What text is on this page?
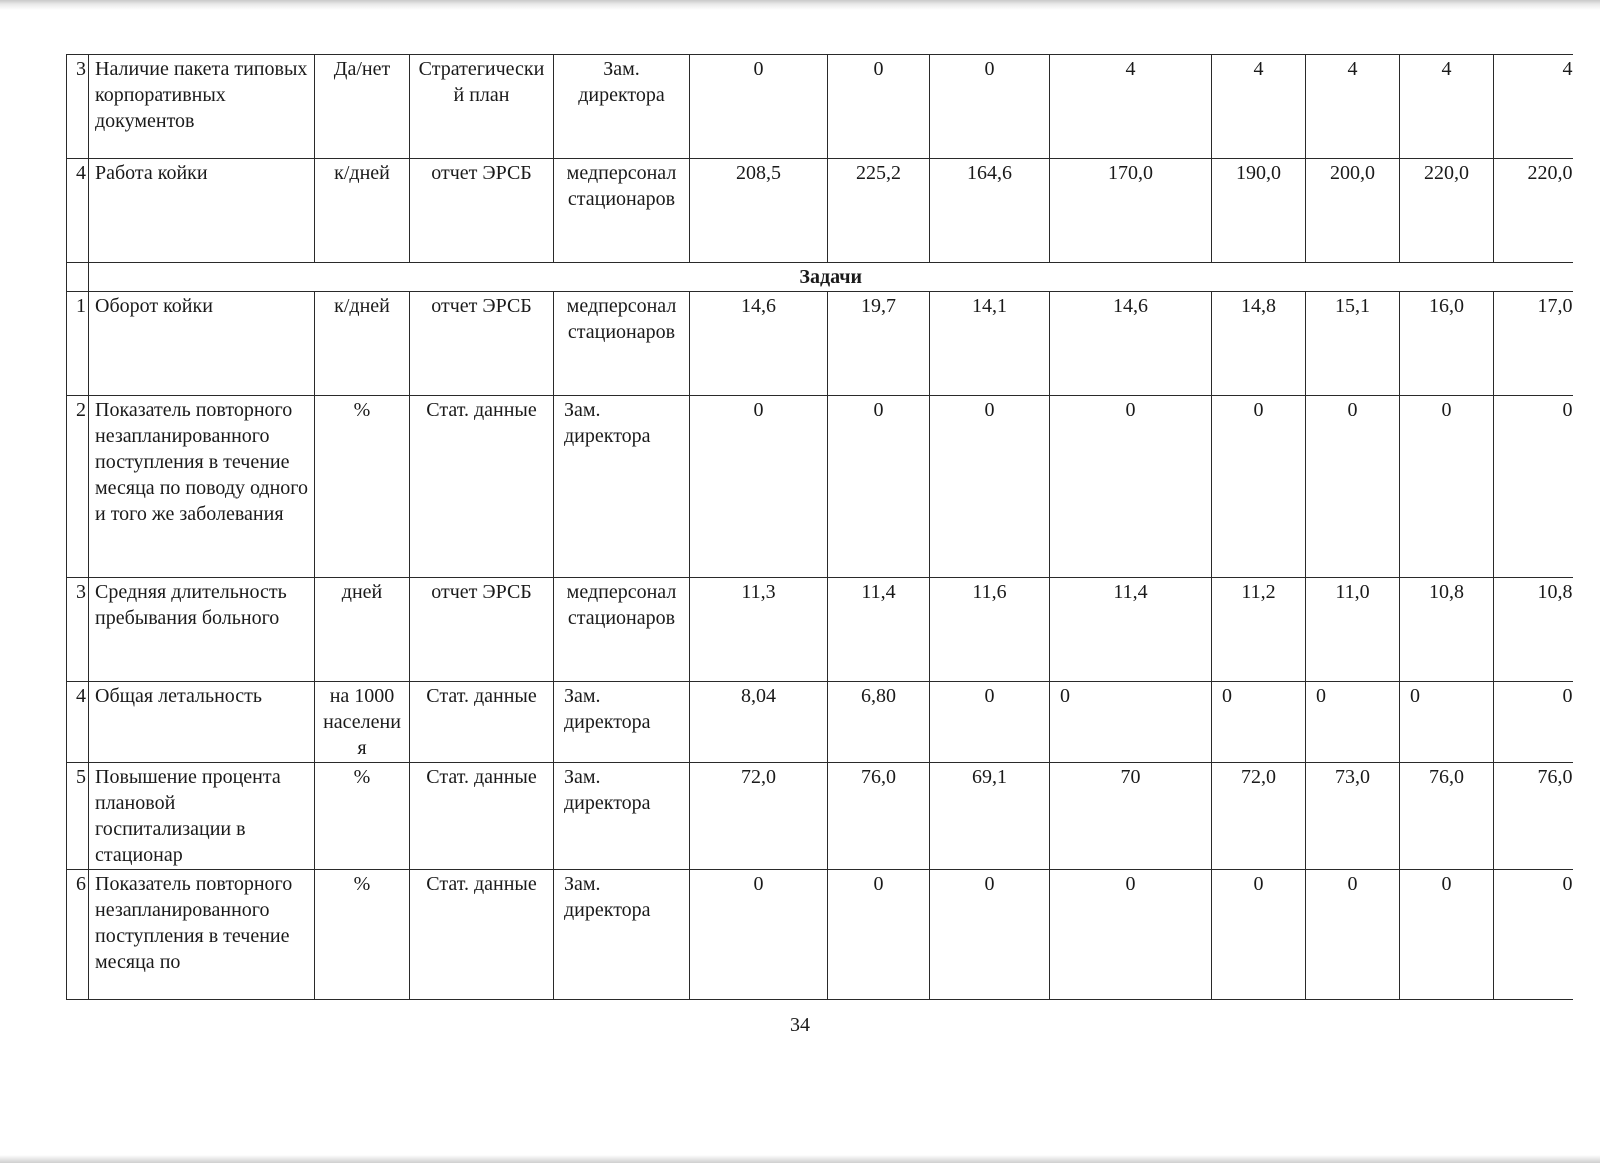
3	Наличие пакета типовых корпоративных документов	Да/нет	Стратегический план	Зам. директора	0	0	0	4	4	4	4	4
4	Работа койки	к/дней	отчет ЭРСБ	медперсонал стационаров	208,5	225,2	164,6	170,0	190,0	200,0	220,0	220,0
	Задачи											
1	Оборот койки	к/дней	отчет ЭРСБ	медперсонал стационаров	14,6	19,7	14,1	14,6	14,8	15,1	16,0	17,0
2	Показатель повторного незапланированного поступления в течение месяца по поводу одного и того же заболевания	%	Стат. данные	Зам. директора	0	0	0	0	0	0	0	0
3	Средняя длительность пребывания больного	дней	отчет ЭРСБ	медперсонал стационаров	11,3	11,4	11,6	11,4	11,2	11,0	10,8	10,8
4	Общая летальность	на 1000 населения	Стат. данные	Зам. директора	8,04	6,80	0	0	0	0	0	0
5	Повышение процента плановой госпитализации в стационар	%	Стат. данные	Зам. директора	72,0	76,0	69,1	70	72,0	73,0	76,0	76,0
6	Показатель повторного незапланированного поступления в течение месяца по	%	Стат. данные	Зам. директора	0	0	0	0	0	0	0	0
34
